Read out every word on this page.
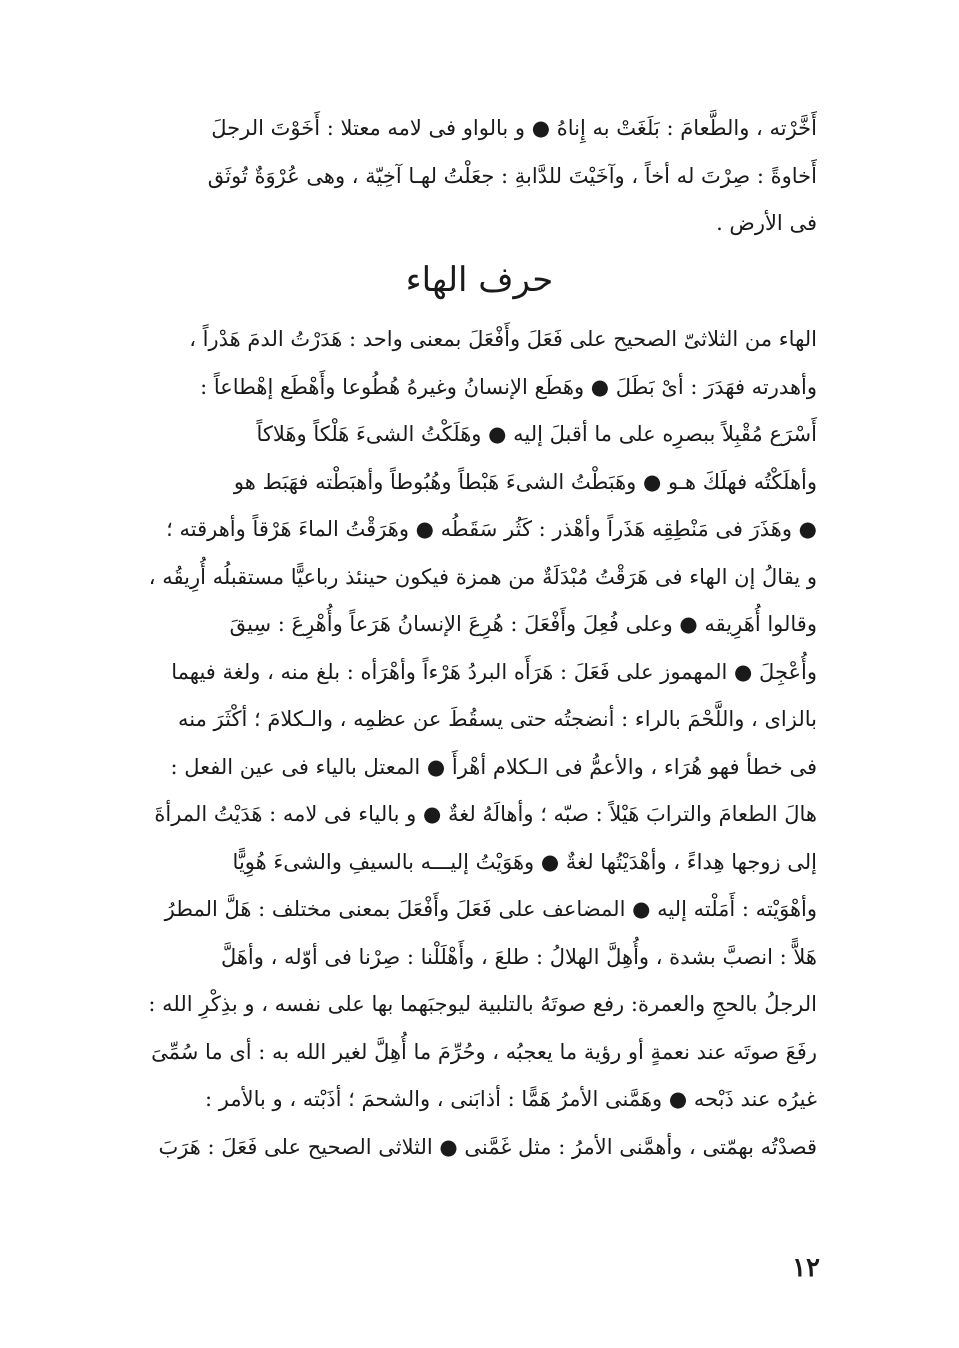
أَخَّرْته ، والطَّعامَ : بَلَغَتْ به إِناهُ ● و بالواو فى لامه معتلا : أَخَوْتَ الرجلَ
أَخاوةً : صِرْتَ له أخاً ، وآخَيْتَ للدَّابةِ : جعَلْتُ لهـا آخِيّة ، وهى عُرْوَةٌ تُوثَق
فى الأرض .
حرف الهاء
الهاء من الثلاثىّ الصحيح على فَعَلَ وأَفْعَلَ بمعنى واحد : هَدَرْتُ الدمَ هَدْراً ،
وأهدرته فهَدَرَ : أىْ بَطَلَ ● وهَطَع الإنسانُ وغيرهُ هُطُوعا وأَهْطَع إهْطاعاً :
أَسْرَع مُقْبِلاً ببصرِه على ما أقبلَ إليه ● وهَلَكْتُ الشىءَ هَلْكاً وهَلاكاً
وأهلَكْتُه فهلَكَ هـو ● وهَبَطْتُ الشىءَ هَبْطاً وهُبُوطاً وأهبَطْته فهَبَط هو
● وهَذَرَ فى مَنْطِقِه هَذَراً وأهْذر : كَثُر سَقَطُه ● وهَرَقْتُ الماءَ هَرْقاً وأهرقته ؛
و يقالُ إن الهاء فى هَرَقْتُ مُبْدَلَةٌ من همزة فيكون حينئذ رباعيًّا مستقبلُه أُرِيقُه ،
وقالوا أُهَرِيقه ● وعلى فُعِلَ وأَفْعَلَ : هُرِعَ الإنسانُ هَرَعاً وأُهْرِعَ : سِيقَ
وأُعْجِلَ ● المهموز على فَعَلَ : هَرَأَه البردُ هَرْءاً وأهْرَأه : بلغ منه ، ولغة فيهما
بالزاى ، واللَّحْمَ بالراء : أنضجتُه حتى يسقُطَ عن عظمِه ، والـكلامَ ؛ أكْثَرَ منه
فى خطأ فهو هُرَاء ، والأعمُّ فى الـكلام أهْرأَ ● المعتل بالياء فى عين الفعل :
هالَ الطعامَ والترابَ هَيْلاً : صبّه ؛ وأهالَهُ لغةٌ ● و بالياء فى لامه : هَدَيْتُ المرأةَ
إلى زوجها هِداءً ، وأهْدَيْتُها لغةٌ ● وهَوَيْتُ إليـــه بالسيفِ والشىءَ هُوِيًّا
وأهْوَيْته : أَمَلْته إليه ● المضاعف على فَعَلَ وأَفْعَلَ بمعنى مختلف : هَلَّ المطرُ
هَلاًّ : انصبَّ بشدة ، وأُهِلَّ الهلالُ : طلعَ ، وأَهْلَلْنا : صِرْنا فى أوّله ، وأهَلَّ
الرجلُ بالحجِ والعمرة: رفع صوتَهُ بالتلبية ليوجبَهما بها على نفسه ، و بذِكْرِ الله :
رفَعَ صوتَه عند نعمةٍ أو رؤية ما يعجبُه ، وحُرِّمَ ما أُهِلَّ لغير الله به : أى ما سُمِّىَ
غيرُه عند ذَبْحه ● وهَمَّنى الأمرُ هَمًّا : أذابَنى ، والشحمَ ؛ أذَبْته ، و بالأمر :
قصدْتُه بهمّتى ، وأهمَّنى الأمرُ : مثل غَمَّنى ● الثلاثى الصحيح على فَعَلَ : هَرَبَ
١٢
